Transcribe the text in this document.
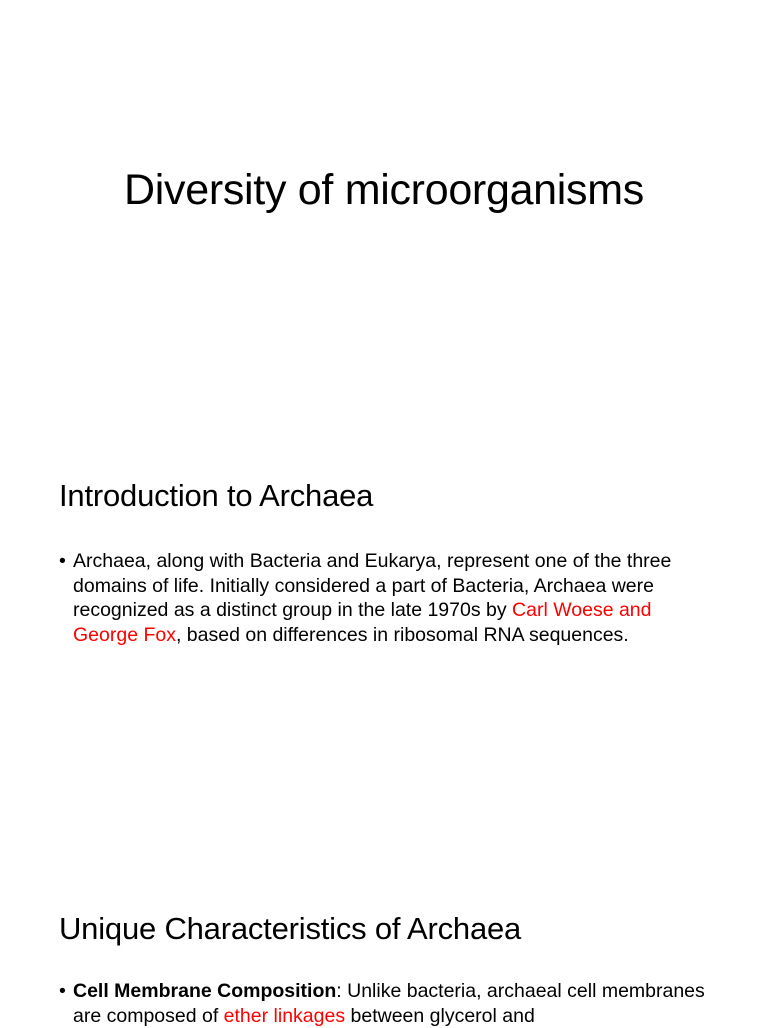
Diversity of microorganisms
Introduction to Archaea
• Archaea, along with Bacteria and Eukarya, represent one of the three domains of life. Initially considered a part of Bacteria, Archaea were recognized as a distinct group in the late 1970s by Carl Woese and George Fox, based on differences in ribosomal RNA sequences.
Unique Characteristics of Archaea
• Cell Membrane Composition: Unlike bacteria, archaeal cell membranes are composed of ether linkages between glycerol and
